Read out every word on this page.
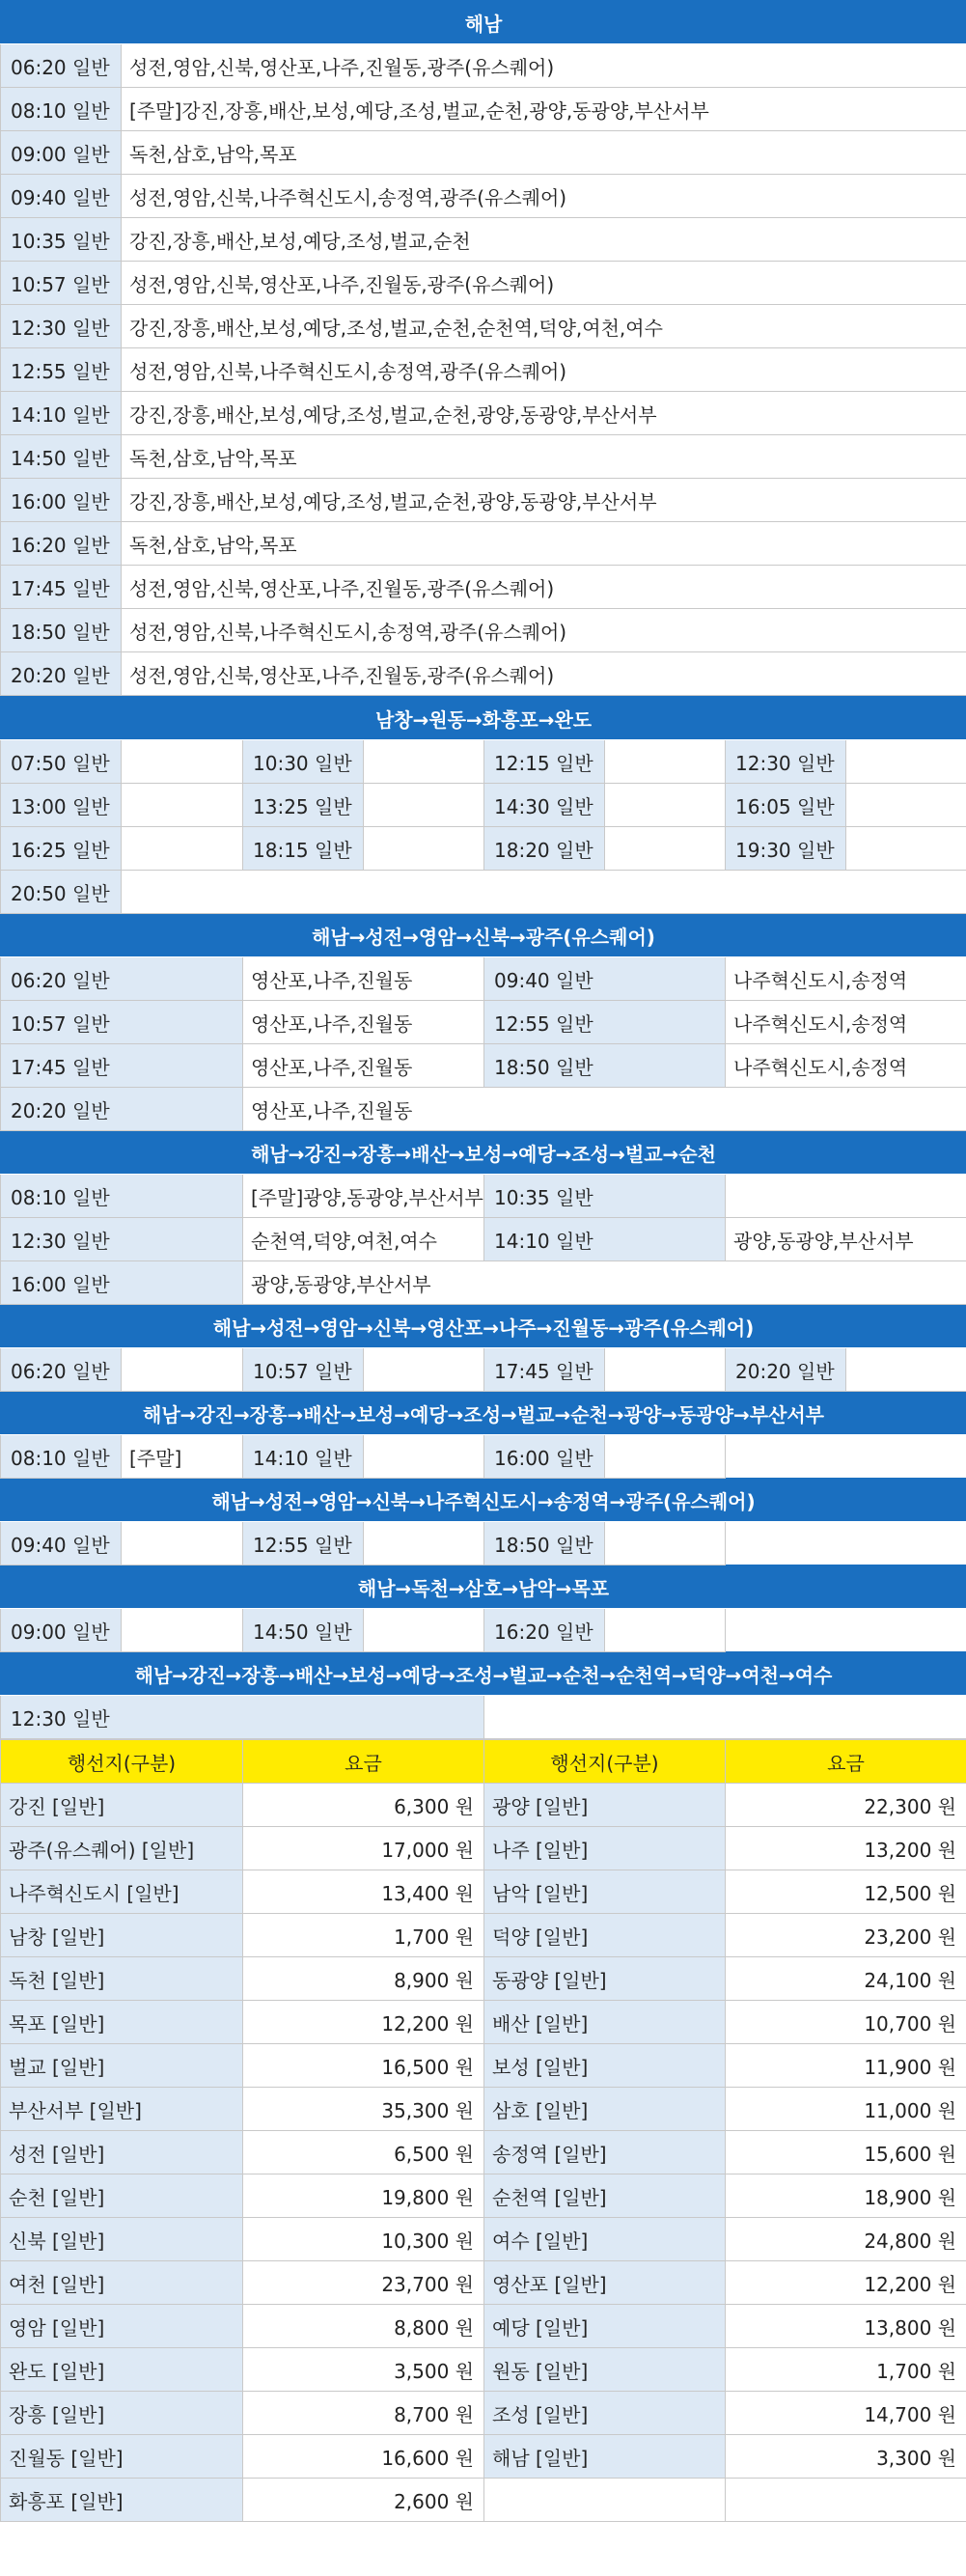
해남	
06:20 일반	성전,영암,신북,영산포,나주,진월동,광주(유스퀘어)
08:10 일반	[주말]강진,장흥,배산,보성,예당,조성,벌교,순천,광양,동광양,부산서부
09:00 일반	독천,삼호,남악,목포
09:40 일반	성전,영암,신북,나주혁신도시,송정역,광주(유스퀘어)
10:35 일반	강진,장흥,배산,보성,예당,조성,벌교,순천
10:57 일반	성전,영암,신북,영산포,나주,진월동,광주(유스퀘어)
12:30 일반	강진,장흥,배산,보성,예당,조성,벌교,순천,순천역,덕양,여천,여수
12:55 일반	성전,영암,신북,나주혁신도시,송정역,광주(유스퀘어)
14:10 일반	강진,장흥,배산,보성,예당,조성,벌교,순천,광양,동광양,부산서부
14:50 일반	독천,삼호,남악,목포
16:00 일반	강진,장흥,배산,보성,예당,조성,벌교,순천,광양,동광양,부산서부
16:20 일반	독천,삼호,남악,목포
17:45 일반	성전,영암,신북,영산포,나주,진월동,광주(유스퀘어)
18:50 일반	성전,영암,신북,나주혁신도시,송정역,광주(유스퀘어)
20:20 일반	성전,영암,신북,영산포,나주,진월동,광주(유스퀘어)
남창→원동→화흥포→완도							
07:50 일반		10:30 일반		12:15 일반		12:30 일반	
13:00 일반		13:25 일반		14:30 일반		16:05 일반	
16:25 일반		18:15 일반		18:20 일반		19:30 일반	
20:50 일반							
해남→성전→영암→신북→광주(유스퀘어)							
06:20 일반		영산포,나주,진월동		09:40 일반		나주혁신도시,송정역	
10:57 일반		영산포,나주,진월동		12:55 일반		나주혁신도시,송정역	
17:45 일반		영산포,나주,진월동		18:50 일반		나주혁신도시,송정역	
20:20 일반		영산포,나주,진월동					
해남→강진→장흥→배산→보성→예당→조성→벌교→순천							
08:10 일반		[주말]광양,동광양,부산서부		10:35 일반			
12:30 일반		순천역,덕양,여천,여수		14:10 일반		광양,동광양,부산서부	
16:00 일반		광양,동광양,부산서부					
해남→성전→영암→신북→영산포→나주→진월동→광주(유스퀘어)							
06:20 일반		10:57 일반		17:45 일반		20:20 일반	
해남→강진→장흥→배산→보성→예당→조성→벌교→순천→광양→동광양→부산서부							
08:10 일반	[주말]	14:10 일반		16:00 일반			
해남→성전→영암→신북→나주혁신도시→송정역→광주(유스퀘어)							
09:40 일반		12:55 일반		18:50 일반			
해남→독천→삼호→남악→목포							
09:00 일반		14:50 일반		16:20 일반			
해남→강진→장흥→배산→보성→예당→조성→벌교→순천→순천역→덕양→여천→여수							
12:30 일반							
행선지(구분)	요금	행선지(구분)	요금
강진 [일반]	6,300 원	광양 [일반]	22,300 원
광주(유스퀘어) [일반]	17,000 원	나주 [일반]	13,200 원
나주혁신도시 [일반]	13,400 원	남악 [일반]	12,500 원
남창 [일반]	1,700 원	덕양 [일반]	23,200 원
독천 [일반]	8,900 원	동광양 [일반]	24,100 원
목포 [일반]	12,200 원	배산 [일반]	10,700 원
벌교 [일반]	16,500 원	보성 [일반]	11,900 원
부산서부 [일반]	35,300 원	삼호 [일반]	11,000 원
성전 [일반]	6,500 원	송정역 [일반]	15,600 원
순천 [일반]	19,800 원	순천역 [일반]	18,900 원
신북 [일반]	10,300 원	여수 [일반]	24,800 원
여천 [일반]	23,700 원	영산포 [일반]	12,200 원
영암 [일반]	8,800 원	예당 [일반]	13,800 원
완도 [일반]	3,500 원	원동 [일반]	1,700 원
장흥 [일반]	8,700 원	조성 [일반]	14,700 원
진월동 [일반]	16,600 원	해남 [일반]	3,300 원
화흥포 [일반]	2,600 원		
